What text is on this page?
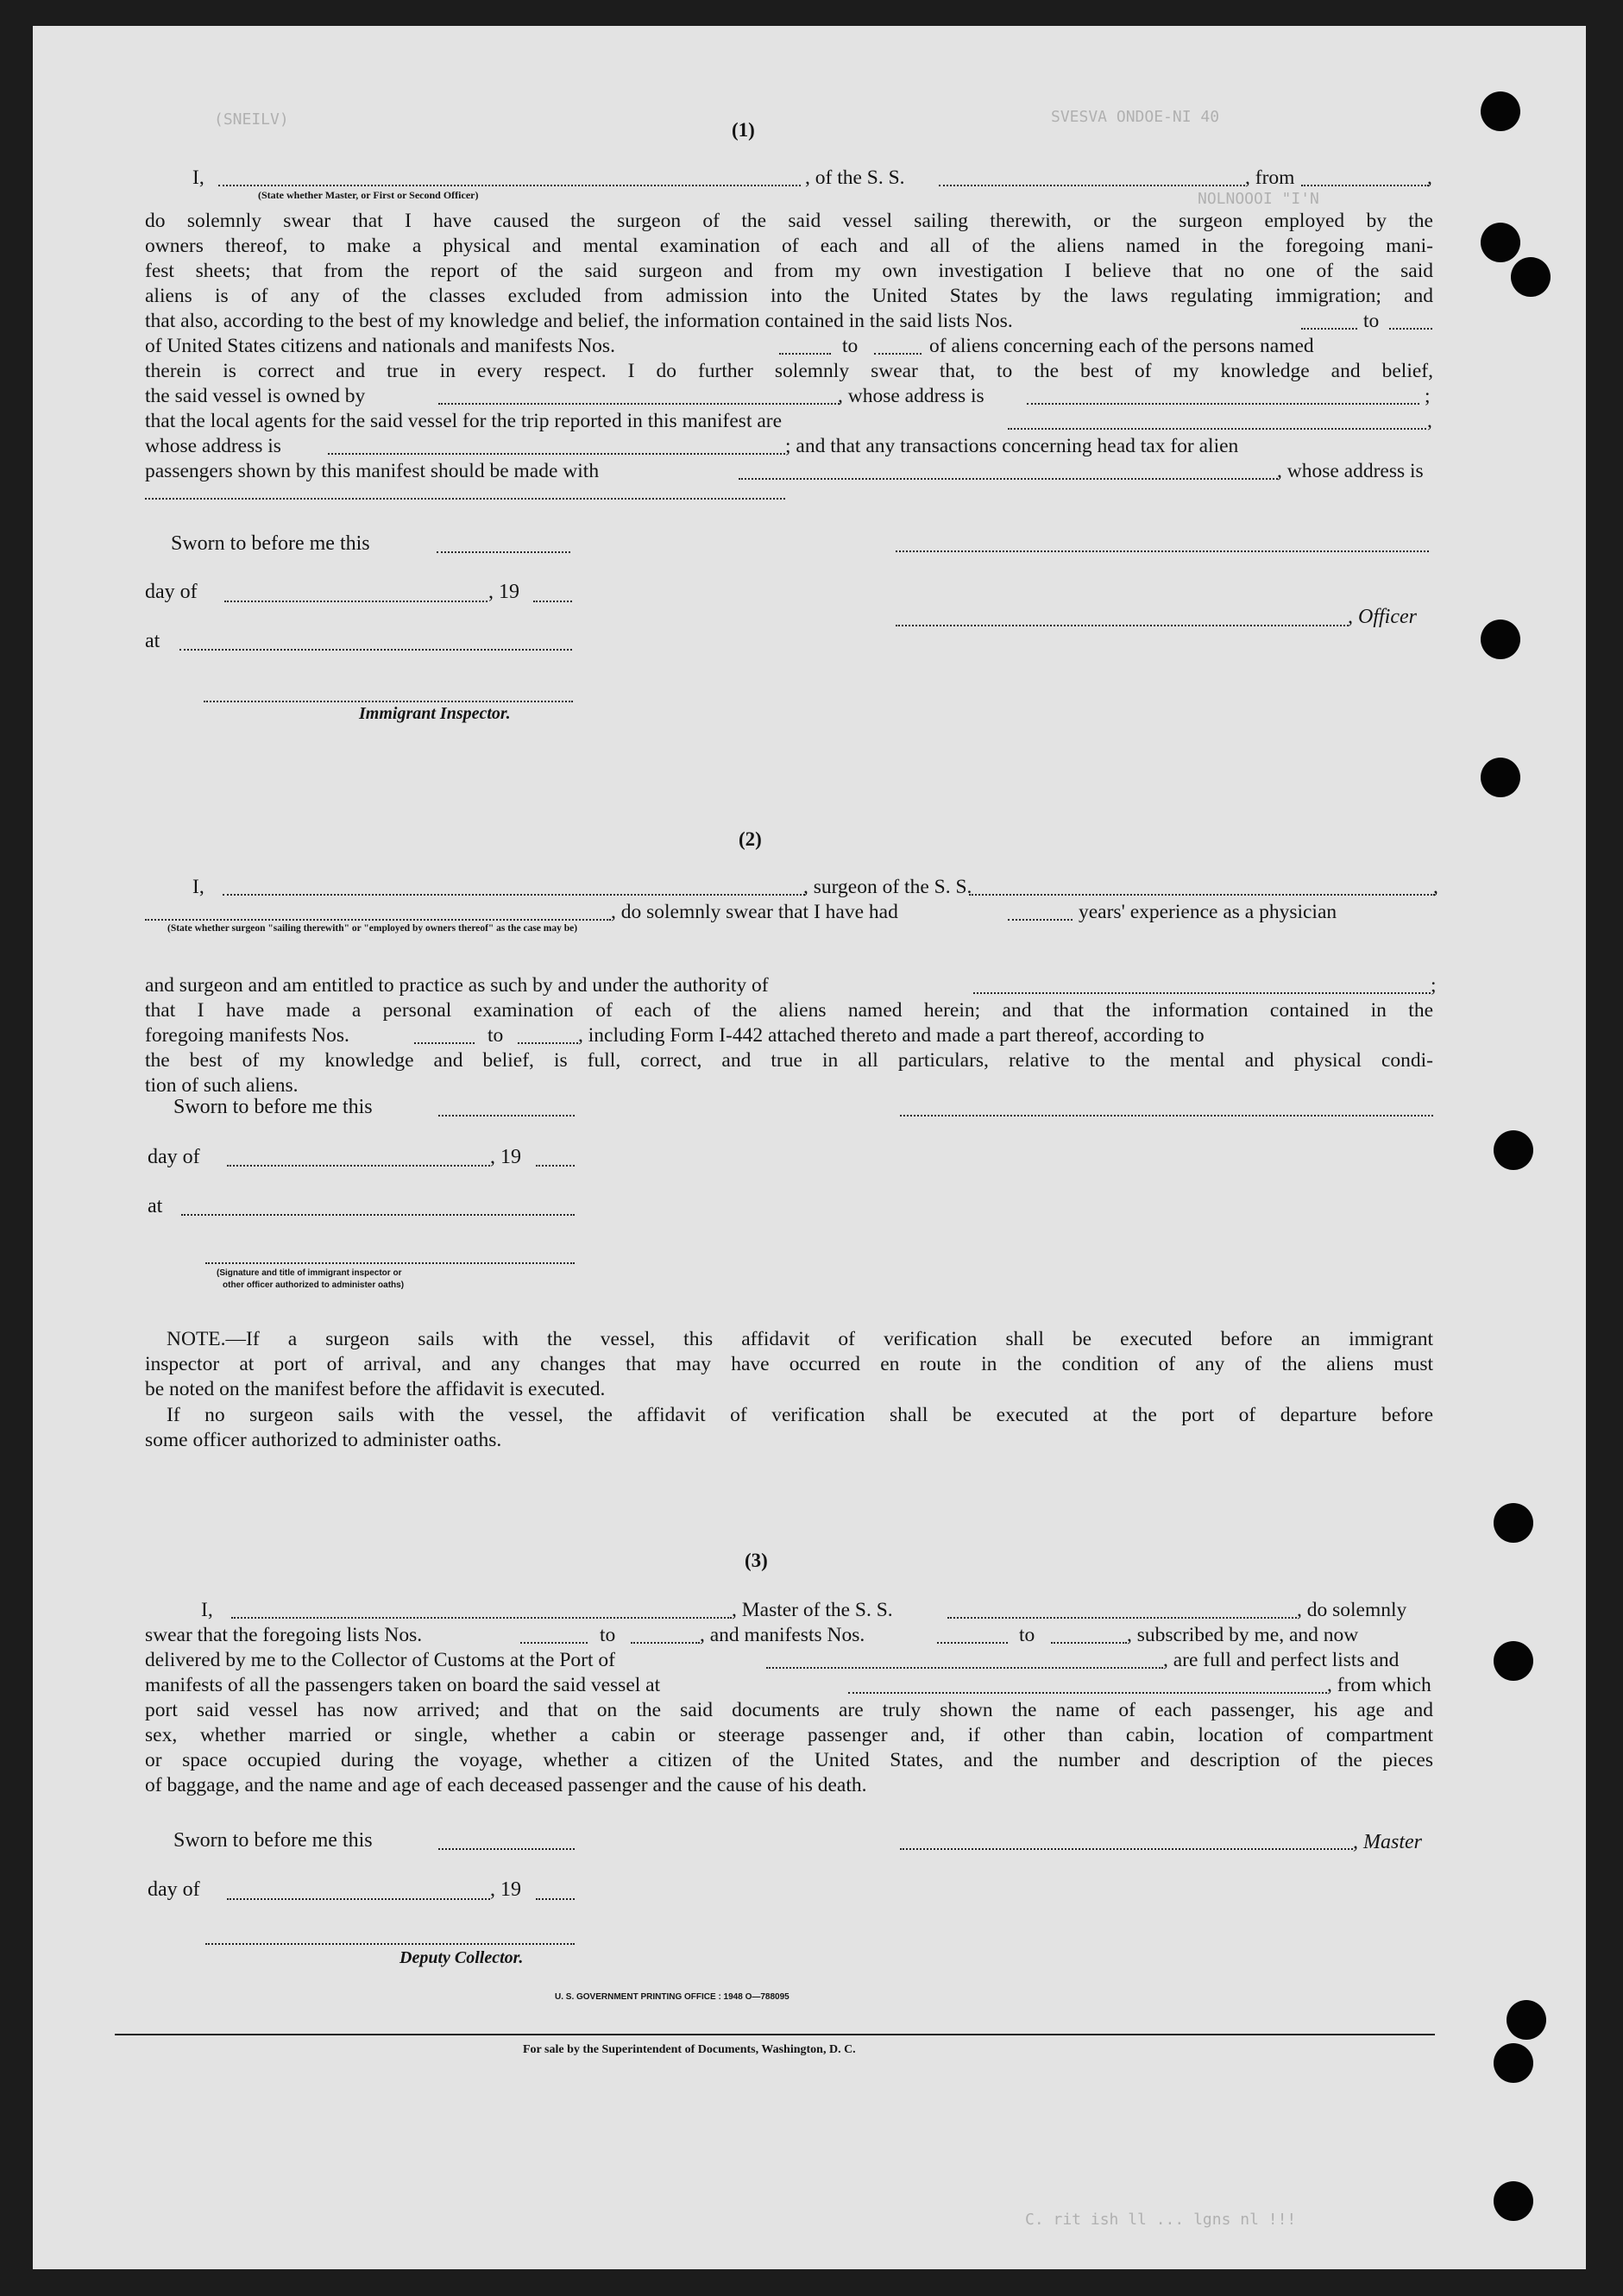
(SNEILV)	SVESVA ONDOE-NI 40
NOLNOOOI "I'N
(1)
I,	, of the S. S.	, from	,
(State whether Master, or First or Second Officer)
do solemnly swear that I have caused the surgeon of the said vessel sailing therewith, or the surgeon employed by the
owners thereof, to make a physical and mental examination of each and all of the aliens named in the foregoing mani-
fest sheets; that from the report of the said surgeon and from my own investigation I believe that no one of the said
aliens is of any of the classes excluded from admission into the United States by the laws regulating immigration; and
that also, according to the best of my knowledge and belief, the information contained in the said lists Nos.	to
of United States citizens and nationals and manifests Nos.	to	of aliens concerning each of the persons named
therein is correct and true in every respect. I do further solemnly swear that, to the best of my knowledge and belief,
the said vessel is owned by	, whose address is	;
that the local agents for the said vessel for the trip reported in this manifest are	,
whose address is	; and that any transactions concerning head tax for alien
passengers shown by this manifest should be made with	, whose address is
Sworn to before me this
day of	, 19
, Officer
at
Immigrant Inspector.
(2)
I,	, surgeon of the S. S.	,
, do solemnly swear that I have had	years' experience as a physician
(State whether surgeon "sailing therewith" or "employed by owners thereof" as the case may be)
and surgeon and am entitled to practice as such by and under the authority of	;
that I have made a personal examination of each of the aliens named herein; and that the information contained in the
foregoing manifests Nos.	to	, including Form I-442 attached thereto and made a part thereof, according to
the best of my knowledge and belief, is full, correct, and true in all particulars, relative to the mental and physical condi-
tion of such aliens.
Sworn to before me this
day of	, 19
at
(Signature and title of immigrant inspector or
other officer authorized to administer oaths)
NOTE.—If a surgeon sails with the vessel, this affidavit of verification shall be executed before an immigrant
inspector at port of arrival, and any changes that may have occurred en route in the condition of any of the aliens must
be noted on the manifest before the affidavit is executed.
If no surgeon sails with the vessel, the affidavit of verification shall be executed at the port of departure before
some officer authorized to administer oaths.
(3)
I,	, Master of the S. S.	, do solemnly
swear that the foregoing lists Nos.	to	, and manifests Nos.	to	, subscribed by me, and now
delivered by me to the Collector of Customs at the Port of	, are full and perfect lists and
manifests of all the passengers taken on board the said vessel at	, from which
port said vessel has now arrived; and that on the said documents are truly shown the name of each passenger, his age and
sex, whether married or single, whether a cabin or steerage passenger and, if other than cabin, location of compartment
or space occupied during the voyage, whether a citizen of the United States, and the number and description of the pieces
of baggage, and the name and age of each deceased passenger and the cause of his death.
Sworn to before me this	, Master
day of	, 19
Deputy Collector.
U. S. GOVERNMENT PRINTING OFFICE : 1948 O—788095
For sale by the Superintendent of Documents, Washington, D. C.
C. rit ish ll ... lgns nl !!!
